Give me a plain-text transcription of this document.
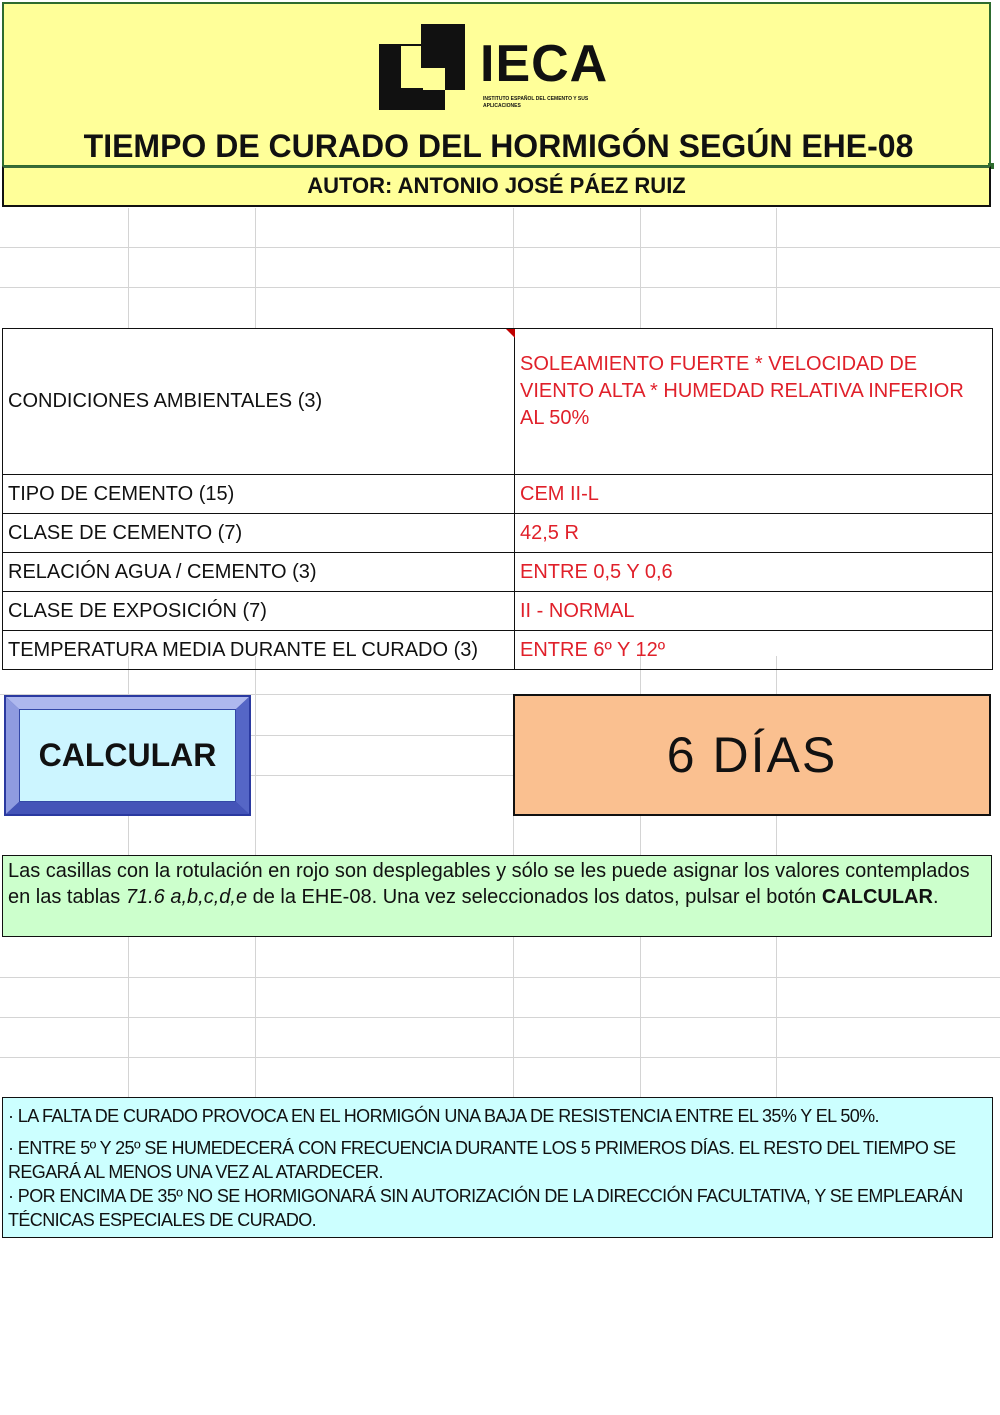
IECA
INSTITUTO ESPAÑOL DEL CEMENTO Y SUS APLICACIONES
TIEMPO DE CURADO DEL HORMIGÓN SEGÚN EHE-08
AUTOR: ANTONIO JOSÉ PÁEZ RUIZ
CONDICIONES AMBIENTALES (3)	SOLEAMIENTO FUERTE * VELOCIDAD DE VIENTO ALTA * HUMEDAD RELATIVA INFERIOR AL 50%
TIPO DE CEMENTO (15)	CEM II-L
CLASE DE CEMENTO (7)	42,5 R
RELACIÓN AGUA / CEMENTO (3)	ENTRE 0,5 Y 0,6
CLASE DE EXPOSICIÓN (7)	II - NORMAL
TEMPERATURA MEDIA DURANTE EL CURADO (3)	ENTRE 6º Y 12º
CALCULAR	6 DÍAS
Las casillas con la rotulación en rojo son desplegables y sólo se les puede asignar los valores contemplados en las tablas 71.6 a,b,c,d,e de la EHE-08. Una vez seleccionados los datos, pulsar el botón CALCULAR.

· LA FALTA DE CURADO PROVOCA EN EL HORMIGÓN UNA BAJA DE RESISTENCIA ENTRE EL 35% Y EL 50%.

· ENTRE 5º Y 25º SE HUMEDECERÁ CON FRECUENCIA DURANTE LOS 5 PRIMEROS DÍAS. EL RESTO DEL TIEMPO SE REGARÁ AL MENOS UNA VEZ AL ATARDECER.

· POR ENCIMA DE 35º NO SE HORMIGONARÁ SIN AUTORIZACIÓN DE LA DIRECCIÓN FACULTATIVA, Y SE EMPLEARÁN TÉCNICAS ESPECIALES DE CURADO.
